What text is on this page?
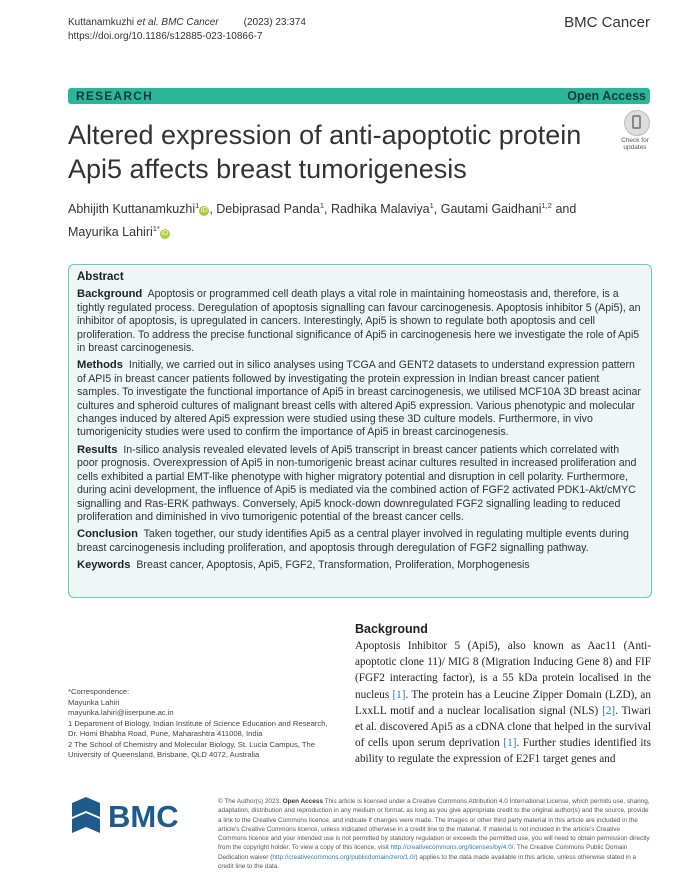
Kuttanamkuzhi et al. BMC Cancer	(2023) 23:374
https://doi.org/10.1186/s12885-023-10866-7
BMC Cancer
RESEARCH	Open Access
Altered expression of anti-apoptotic protein Api5 affects breast tumorigenesis
Check for
updates
Abhijith Kuttanamkuzhi$^1$iD , Debiprasad Panda$^1$, Radhika Malaviya$^1$, Gautami Gaidhani$^{1,2}$ and Mayurika Lahiri$^{1*}$iD
Abstract

Background Apoptosis or programmed cell death plays a vital role in maintaining homeostasis and, therefore, is a tightly regulated process. Deregulation of apoptosis signalling can favour carcinogenesis. Apoptosis inhibitor 5 (Api5), an inhibitor of apoptosis, is upregulated in cancers. Interestingly, Api5 is shown to regulate both apoptosis and cell proliferation. To address the precise functional significance of Api5 in carcinogenesis here we investigate the role of Api5 in breast carcinogenesis.

Methods Initially, we carried out in silico analyses using TCGA and GENT2 datasets to understand expression pattern of API5 in breast cancer patients followed by investigating the protein expression in Indian breast cancer patient samples. To investigate the functional importance of Api5 in breast carcinogenesis, we utilised MCF10A 3D breast acinar cultures and spheroid cultures of malignant breast cells with altered Api5 expression. Various phenotypic and molecular changes induced by altered Api5 expression were studied using these 3D culture models. Furthermore, in vivo tumorigenicity studies were used to confirm the importance of Api5 in breast carcinogenesis.

Results In-silico analysis revealed elevated levels of Api5 transcript in breast cancer patients which correlated with poor prognosis. Overexpression of Api5 in non-tumorigenic breast acinar cultures resulted in increased proliferation and cells exhibited a partial EMT-like phenotype with higher migratory potential and disruption in cell polarity. Furthermore, during acini development, the influence of Api5 is mediated via the combined action of FGF2 activated PDK1-Akt/cMYC signalling and Ras-ERK pathways. Conversely, Api5 knock-down downregulated FGF2 signalling leading to reduced proliferation and diminished in vivo tumorigenic potential of the breast cancer cells.

Conclusion Taken together, our study identifies Api5 as a central player involved in regulating multiple events during breast carcinogenesis including proliferation, and apoptosis through deregulation of FGF2 signalling pathway.

Keywords Breast cancer, Apoptosis, Api5, FGF2, Transformation, Proliferation, Morphogenesis

*Correspondence:

Mayurika Lahiri

mayurika.lahiri@iiserpune.ac.in

1 Department of Biology, Indian Institute of Science Education and Research, Dr. Homi Bhabha Road, Pune, Maharashtra 411008, India

2 The School of Chemistry and Molecular Biology, St. Lucia Campus, The University of Queensland, Brisbane, QLD 4072, Australia

Background
Apoptosis Inhibitor 5 (Api5), also known as Aac11 (Anti-apoptotic clone 11)/ MIG 8 (Migration Inducing Gene 8) and FIF (FGF2 interacting factor), is a 55 kDa protein localised in the nucleus [1]. The protein has a Leucine Zipper Domain (LZD), an LxxLL motif and a nuclear localisation signal (NLS) [2]. Tiwari et al. discovered Api5 as a cDNA clone that helped in the survival of cells upon serum deprivation [1]. Further studies identified its ability to regulate the expression of E2F1 target genes and
BMC	© The Author(s) 2023. Open Access This article is licensed under a Creative Commons Attribution 4.0 International License, which permits use, sharing, adaptation, distribution and reproduction in any medium or format, as long as you give appropriate credit to the original author(s) and the source, provide a link to the Creative Commons licence, and indicate if changes were made. The images or other third party material in this article are included in the article's Creative Commons licence, unless indicated otherwise in a credit line to the material. If material is not included in the article's Creative Commons licence and your intended use is not permitted by statutory regulation or exceeds the permitted use, you will need to obtain permission directly from the copyright holder. To view a copy of this licence, visit http://creativecommons.org/licenses/by/4.0/. The Creative Commons Public Domain Dedication waiver (http://creativecommons.org/publicdomain/zero/1.0/) applies to the data made available in this article, unless otherwise stated in a credit line to the data.
